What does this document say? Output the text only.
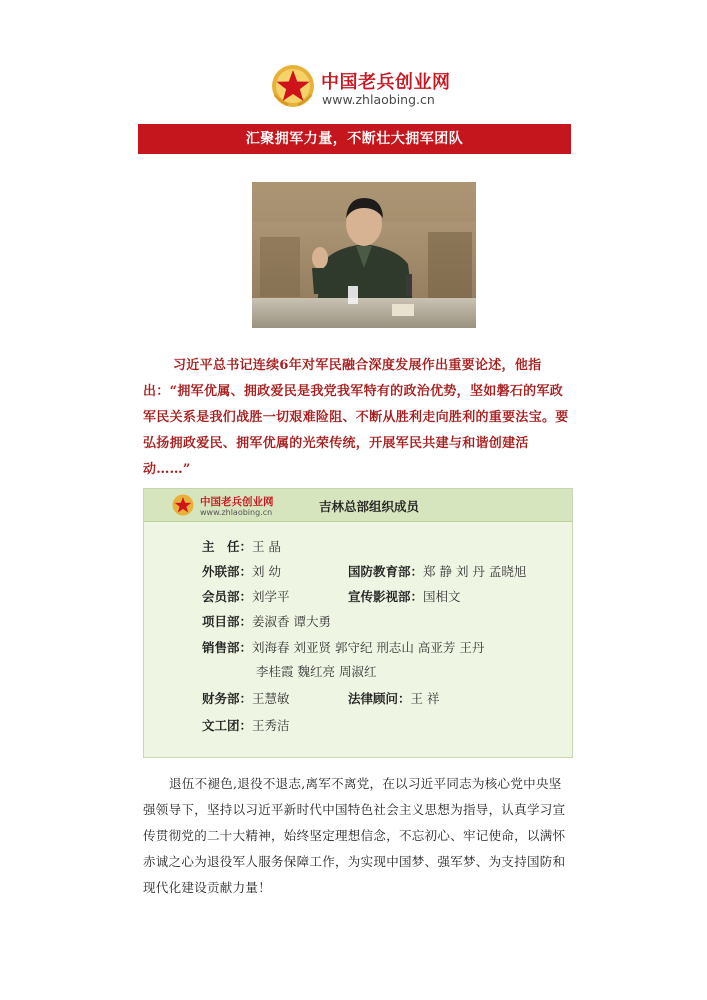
中国老兵创业网
www.zhlaobing.cn
汇聚拥军力量，不断壮大拥军团队
习近平总书记连续6年对军民融合深度发展作出重要论述，他指出：“拥军优属、拥政爱民是我党我军特有的政治优势，坚如磐石的军政军民关系是我们战胜一切艰难险阻、不断从胜利走向胜利的重要法宝。要弘扬拥政爱民、拥军优属的光荣传统，开展军民共建与和谐创建活动……”
中国老兵创业网
www.zhlaobing.cn	吉林总部组织成员
主　任：王 晶
外联部：刘 幼	国防教育部：郑 静 刘 丹 孟晓旭
会员部：刘学平	宣传影视部：国相文
项目部：姜淑香 谭大勇
销售部：刘海春 刘亚贤 郭守纪 刑志山 高亚芳 王丹
李桂霞 魏红亮 周淑红
财务部：王慧敏	法律顾问：王 祥
文工团：王秀洁
退伍不褪色,退役不退志,离军不离党，在以习近平同志为核心党中央坚强领导下，坚持以习近平新时代中国特色社会主义思想为指导，认真学习宣传贯彻党的二十大精神，始终坚定理想信念，不忘初心、牢记使命，以满怀赤诚之心为退役军人服务保障工作，为实现中国梦、强军梦、为支持国防和现代化建设贡献力量！
